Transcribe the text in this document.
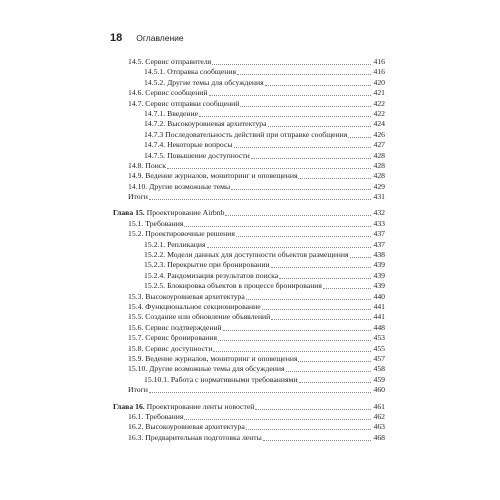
18 Оглавление
14.5. Сервис отправителя	416
14.5.1. Отправка сообщения	416
14.5.2. Другие темы для обсуждения	420
14.6. Сервис сообщений	421
14.7. Сервис отправки сообщений	422
14.7.1. Введение	422
14.7.2. Высокоуровневая архитектура	424
14.7.3 Последовательность действий при отправке сообщения	426
14.7.4. Некоторые вопросы	427
14.7.5. Повышение доступности	428
14.8. Поиск	428
14.9. Ведение журналов, мониторинг и оповещения	428
14.10. Другие возможные темы	429
Итоги	431
Глава 15. Проектирование Airbnb	432
15.1. Требования	433
15.2. Проектировочные решения	437
15.2.1. Репликация	437
15.2.2. Модели данных для доступности объектов размещения	438
15.2.3. Перекрытие при бронировании	439
15.2.4. Рандомизация результатов поиска	439
15.2.5. Блокировка объектов в процессе бронирования	439
15.3. Высокоуровневая архитектура	440
15.4. Функциональное секционирование	441
15.5. Создание или обновление объявлений	441
15.6. Сервис подтверждений	448
15.7. Сервис бронирования	453
15.8. Сервис доступности	455
15.9. Ведение журналов, мониторинг и оповещения	457
15.10. Другие возможные темы для обсуждения	458
15.10.1. Работа с нормативными требованиями	459
Итоги	460
Глава 16. Проектирование ленты новостей	461
16.1. Требования	462
16.2. Высокоуровневая архитектура	463
16.3. Предварительная подготовка ленты	468
